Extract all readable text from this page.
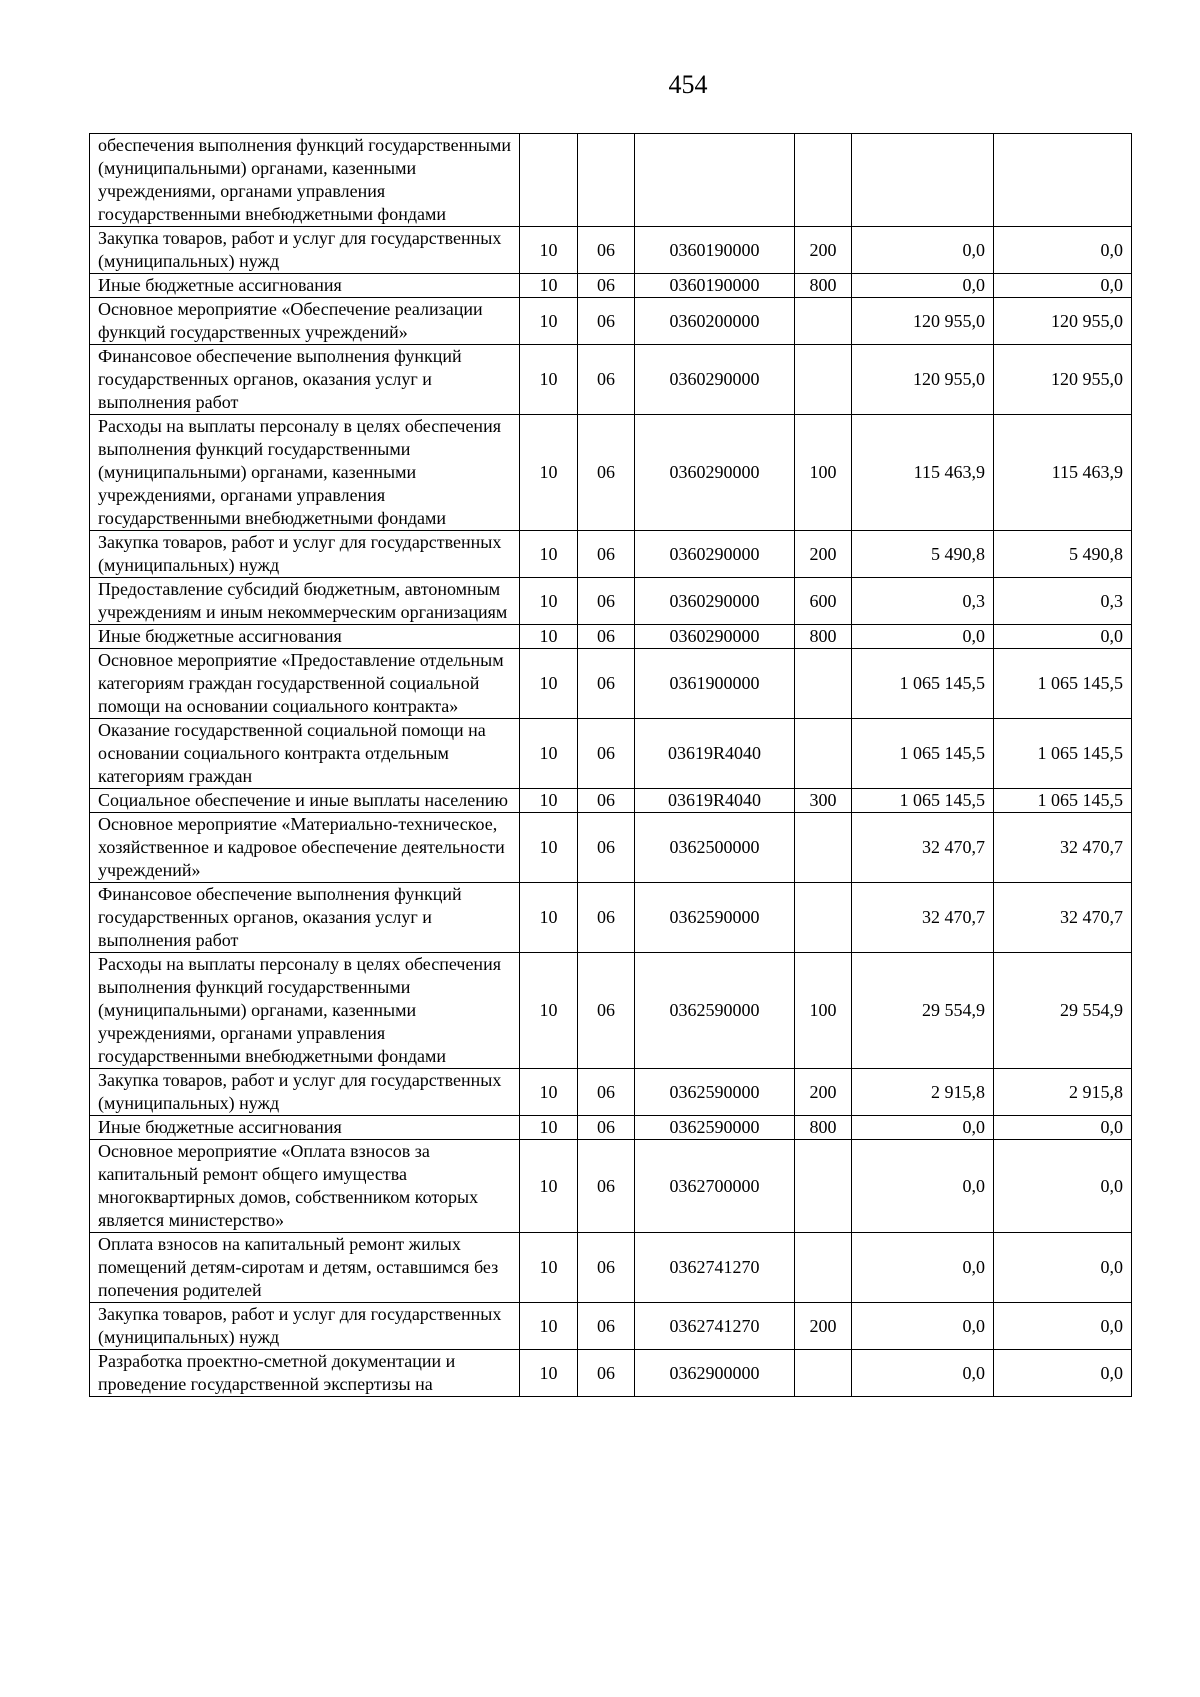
454
обеспечения выполнения функций государственными (муниципальными) органами, казенными учреждениями, органами управления государственными внебюджетными фондами						
Закупка товаров, работ и услуг для государственных (муниципальных) нужд	10	06	0360190000	200	0,0	0,0
Иные бюджетные ассигнования	10	06	0360190000	800	0,0	0,0
Основное мероприятие «Обеспечение реализации функций государственных учреждений»	10	06	0360200000		120 955,0	120 955,0
Финансовое обеспечение выполнения функций государственных органов, оказания услуг и выполнения работ	10	06	0360290000		120 955,0	120 955,0
Расходы на выплаты персоналу в целях обеспечения выполнения функций государственными (муниципальными) органами, казенными учреждениями, органами управления государственными внебюджетными фондами	10	06	0360290000	100	115 463,9	115 463,9
Закупка товаров, работ и услуг для государственных (муниципальных) нужд	10	06	0360290000	200	5 490,8	5 490,8
Предоставление субсидий бюджетным, автономным учреждениям и иным некоммерческим организациям	10	06	0360290000	600	0,3	0,3
Иные бюджетные ассигнования	10	06	0360290000	800	0,0	0,0
Основное мероприятие «Предоставление отдельным категориям граждан государственной социальной помощи на основании социального контракта»	10	06	0361900000		1 065 145,5	1 065 145,5
Оказание государственной социальной помощи на основании социального контракта отдельным категориям граждан	10	06	03619R4040		1 065 145,5	1 065 145,5
Социальное обеспечение и иные выплаты населению	10	06	03619R4040	300	1 065 145,5	1 065 145,5
Основное мероприятие «Материально-техническое, хозяйственное и кадровое обеспечение деятельности учреждений»	10	06	0362500000		32 470,7	32 470,7
Финансовое обеспечение выполнения функций государственных органов, оказания услуг и выполнения работ	10	06	0362590000		32 470,7	32 470,7
Расходы на выплаты персоналу в целях обеспечения выполнения функций государственными (муниципальными) органами, казенными учреждениями, органами управления государственными внебюджетными фондами	10	06	0362590000	100	29 554,9	29 554,9
Закупка товаров, работ и услуг для государственных (муниципальных) нужд	10	06	0362590000	200	2 915,8	2 915,8
Иные бюджетные ассигнования	10	06	0362590000	800	0,0	0,0
Основное мероприятие «Оплата взносов за капитальный ремонт общего имущества многоквартирных домов, собственником которых является министерство»	10	06	0362700000		0,0	0,0
Оплата взносов на капитальный ремонт жилых помещений детям-сиротам и детям, оставшимся без попечения родителей	10	06	0362741270		0,0	0,0
Закупка товаров, работ и услуг для государственных (муниципальных) нужд	10	06	0362741270	200	0,0	0,0
Разработка проектно-сметной документации и проведение государственной экспертизы на	10	06	0362900000		0,0	0,0
